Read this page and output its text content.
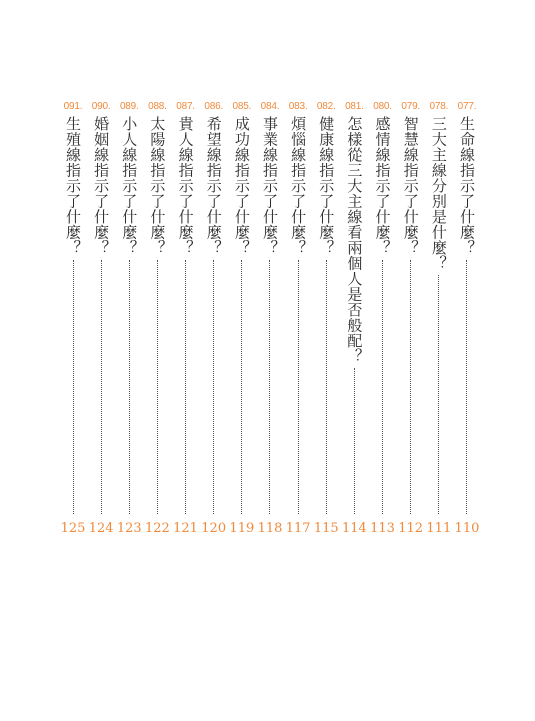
077.
生命線指示了什麼？
110
078.
三大主線分別是什麼？
111
079.
智慧線指示了什麼？
112
080.
感情線指示了什麼？
113
081.
怎樣從三大主線看兩個人是否般配？
114
082.
健康線指示了什麼？
115
083.
煩惱線指示了什麼？
117
084.
事業線指示了什麼？
118
085.
成功線指示了什麼？
119
086.
希望線指示了什麼？
120
087.
貴人線指示了什麼？
121
088.
太陽線指示了什麼？
122
089.
小人線指示了什麼？
123
090.
婚姻線指示了什麼？
124
091.
生殖線指示了什麼？
125
